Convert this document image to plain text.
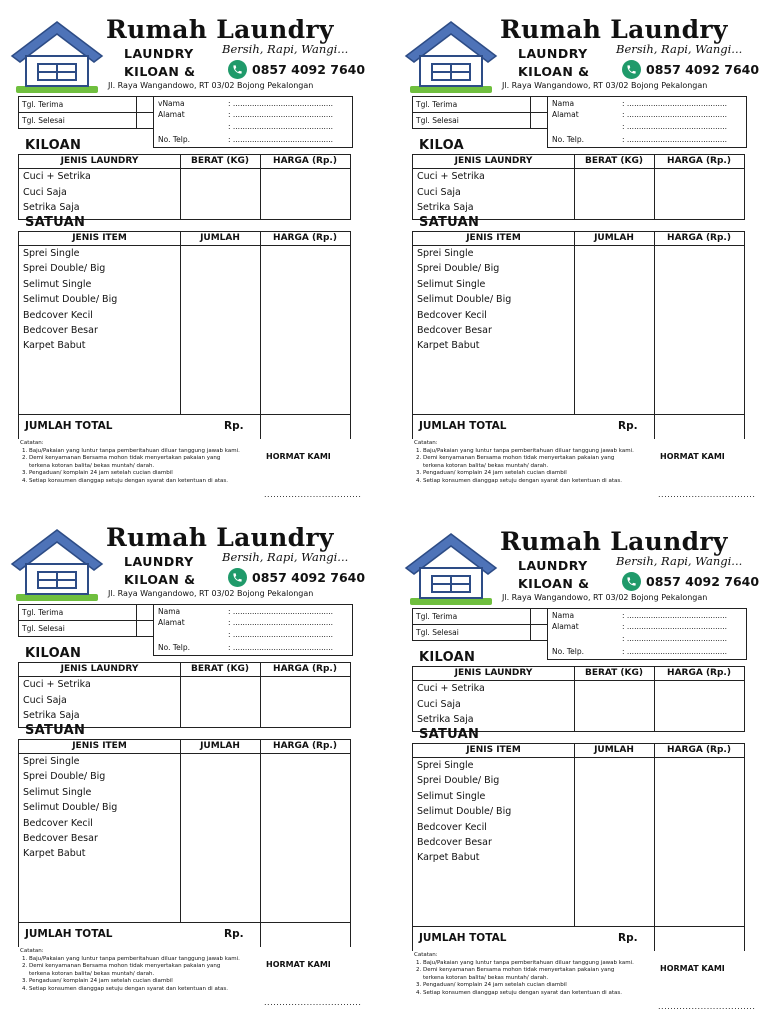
Rumah Laundry
LAUNDRY
KILOAN &
Bersih, Rapi, Wangi...
0857 4092 7640
Jl. Raya Wangandowo, RT 03/02 Bojong Pekalongan
Tgl. Terima	
Tgl. Selesai	
vNama	: ..........................................
Alamat	: ..........................................
: ..........................................
No. Telp.	: ..........................................
KILOAN
JENIS LAUNDRY	BERAT (KG)	HARGA (Rp.)
Cuci + Setrika
Cuci Saja
Setrika Saja
SATUAN
JENIS ITEM	JUMLAH	HARGA (Rp.)
Sprei Single
Sprei Double/ Big
Selimut Single
Selimut Double/ Big
Bedcover Kecil
Bedcover Besar
Karpet Babut
JUMLAH TOTAL	Rp.
Catatan:
1. Baju/Pakaian yang luntur tanpa pemberitahuan diluar tanggung jawab kami.
2. Demi kenyamanan Bersama mohon tidak menyertakan pakaian yang terkena kotoran balita/ bekas muntah/ darah.
3. Pengaduan/ komplain 24 jam setelah cucian diambil
4. Setiap konsumen dianggap setuju dengan syarat dan ketentuan di atas.
HORMAT KAMI
................................
Rumah Laundry
LAUNDRY
KILOAN &
Bersih, Rapi, Wangi...
0857 4092 7640
Jl. Raya Wangandowo, RT 03/02 Bojong Pekalongan
Tgl. Terima	
Tgl. Selesai	
Nama	: ..........................................
Alamat	: ..........................................
: ..........................................
No. Telp.	: ..........................................
KILOA
JENIS LAUNDRY	BERAT (KG)	HARGA (Rp.)
Cuci + Setrika
Cuci Saja
Setrika Saja
SATUAN
JENIS ITEM	JUMLAH	HARGA (Rp.)
Sprei Single
Sprei Double/ Big
Selimut Single
Selimut Double/ Big
Bedcover Kecil
Bedcover Besar
Karpet Babut
JUMLAH TOTAL	Rp.
Catatan:
1. Baju/Pakaian yang luntur tanpa pemberitahuan diluar tanggung jawab kami.
2. Demi kenyamanan Bersama mohon tidak menyertakan pakaian yang terkena kotoran balita/ bekas muntah/ darah.
3. Pengaduan/ komplain 24 jam setelah cucian diambil
4. Setiap konsumen dianggap setuju dengan syarat dan ketentuan di atas.
HORMAT KAMI
................................
Rumah Laundry
LAUNDRY
KILOAN &
Bersih, Rapi, Wangi...
0857 4092 7640
Jl. Raya Wangandowo, RT 03/02 Bojong Pekalongan
Tgl. Terima	
Tgl. Selesai	
Nama	: ..........................................
Alamat	: ..........................................
: ..........................................
No. Telp.	: ..........................................
KILOAN
JENIS LAUNDRY	BERAT (KG)	HARGA (Rp.)
Cuci + Setrika
Cuci Saja
Setrika Saja
SATUAN
JENIS ITEM	JUMLAH	HARGA (Rp.)
Sprei Single
Sprei Double/ Big
Selimut Single
Selimut Double/ Big
Bedcover Kecil
Bedcover Besar
Karpet Babut
JUMLAH TOTAL	Rp.
Catatan:
1. Baju/Pakaian yang luntur tanpa pemberitahuan diluar tanggung jawab kami.
2. Demi kenyamanan Bersama mohon tidak menyertakan pakaian yang terkena kotoran balita/ bekas muntah/ darah.
3. Pengaduan/ komplain 24 jam setelah cucian diambil
4. Setiap konsumen dianggap setuju dengan syarat dan ketentuan di atas.
HORMAT KAMI
................................
Rumah Laundry
LAUNDRY
KILOAN &
Bersih, Rapi, Wangi...
0857 4092 7640
Jl. Raya Wangandowo, RT 03/02 Bojong Pekalongan
Tgl. Terima	
Tgl. Selesai	
Nama	: ..........................................
Alamat	: ..........................................
: ..........................................
No. Telp.	: ..........................................
KILOAN
JENIS LAUNDRY	BERAT (KG)	HARGA (Rp.)
Cuci + Setrika
Cuci Saja
Setrika Saja
SATUAN
JENIS ITEM	JUMLAH	HARGA (Rp.)
Sprei Single
Sprei Double/ Big
Selimut Single
Selimut Double/ Big
Bedcover Kecil
Bedcover Besar
Karpet Babut
JUMLAH TOTAL	Rp.
Catatan:
1. Baju/Pakaian yang luntur tanpa pemberitahuan diluar tanggung jawab kami.
2. Demi kenyamanan Bersama mohon tidak menyertakan pakaian yang terkena kotoran balita/ bekas muntah/ darah.
3. Pengaduan/ komplain 24 jam setelah cucian diambil
4. Setiap konsumen dianggap setuju dengan syarat dan ketentuan di atas.
HORMAT KAMI
................................
